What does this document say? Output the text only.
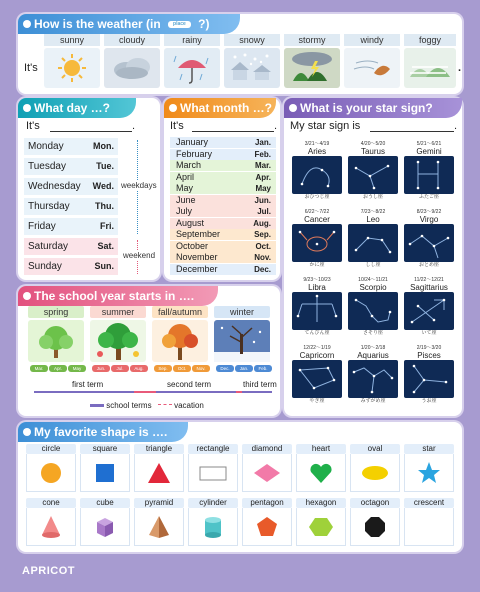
How is the weather (in place ?)
It's	.
sunny	cloudy	rainy	snowy	stormy	windy	foggy
What day …?
It's	.
Monday	Mon.
Tuesday	Tue.
Wednesday Wed.
Thursday	Thu.
Friday	Fri.
Saturday	Sat.
Sunday	Sun.
weekdays
weekend
What month …?
It's	.
January	Jan.
February	Feb.
March	Mar.
April	Apr.
May	May
June	Jun.
July	Jul.
August	Aug.
September	Sep.
October	Oct.
November	Nov.
December	Dec.
What is your star sign?
My star sign is	.
3/21～4/19
Aries
おひつじ座
4/20～5/20
Taurus
おうし座
5/21～6/21
Gemini
ふたご座
6/22～7/22
Cancer
かに座
7/23～8/22
Leo
しし座
8/23～9/22
Virgo
おとめ座
9/23～10/23
Libra
てんびん座
10/24～11/21
Scorpio
さそり座
11/22～12/21
Sagittarius
いて座
12/22～1/19
Capricorn
やぎ座
1/20～2/18
Aquarius
みずがめ座
2/19～3/20
Pisces
うお座
The school year starts in ….
spring	summer	fall/autumn	winter
Mar.	Apr.	May	Jun.	Jul.	Aug.	Sep.	Oct.	Nov.	Dec.	Jan.	Feb.
first term	second term	third term
school terms	vacation
My favorite shape is ….
circle	square	triangle	rectangle	diamond	heart	oval	star
cone	cube	pyramid	cylinder	pentagon	hexagon	octagon	crescent
APRICOT
